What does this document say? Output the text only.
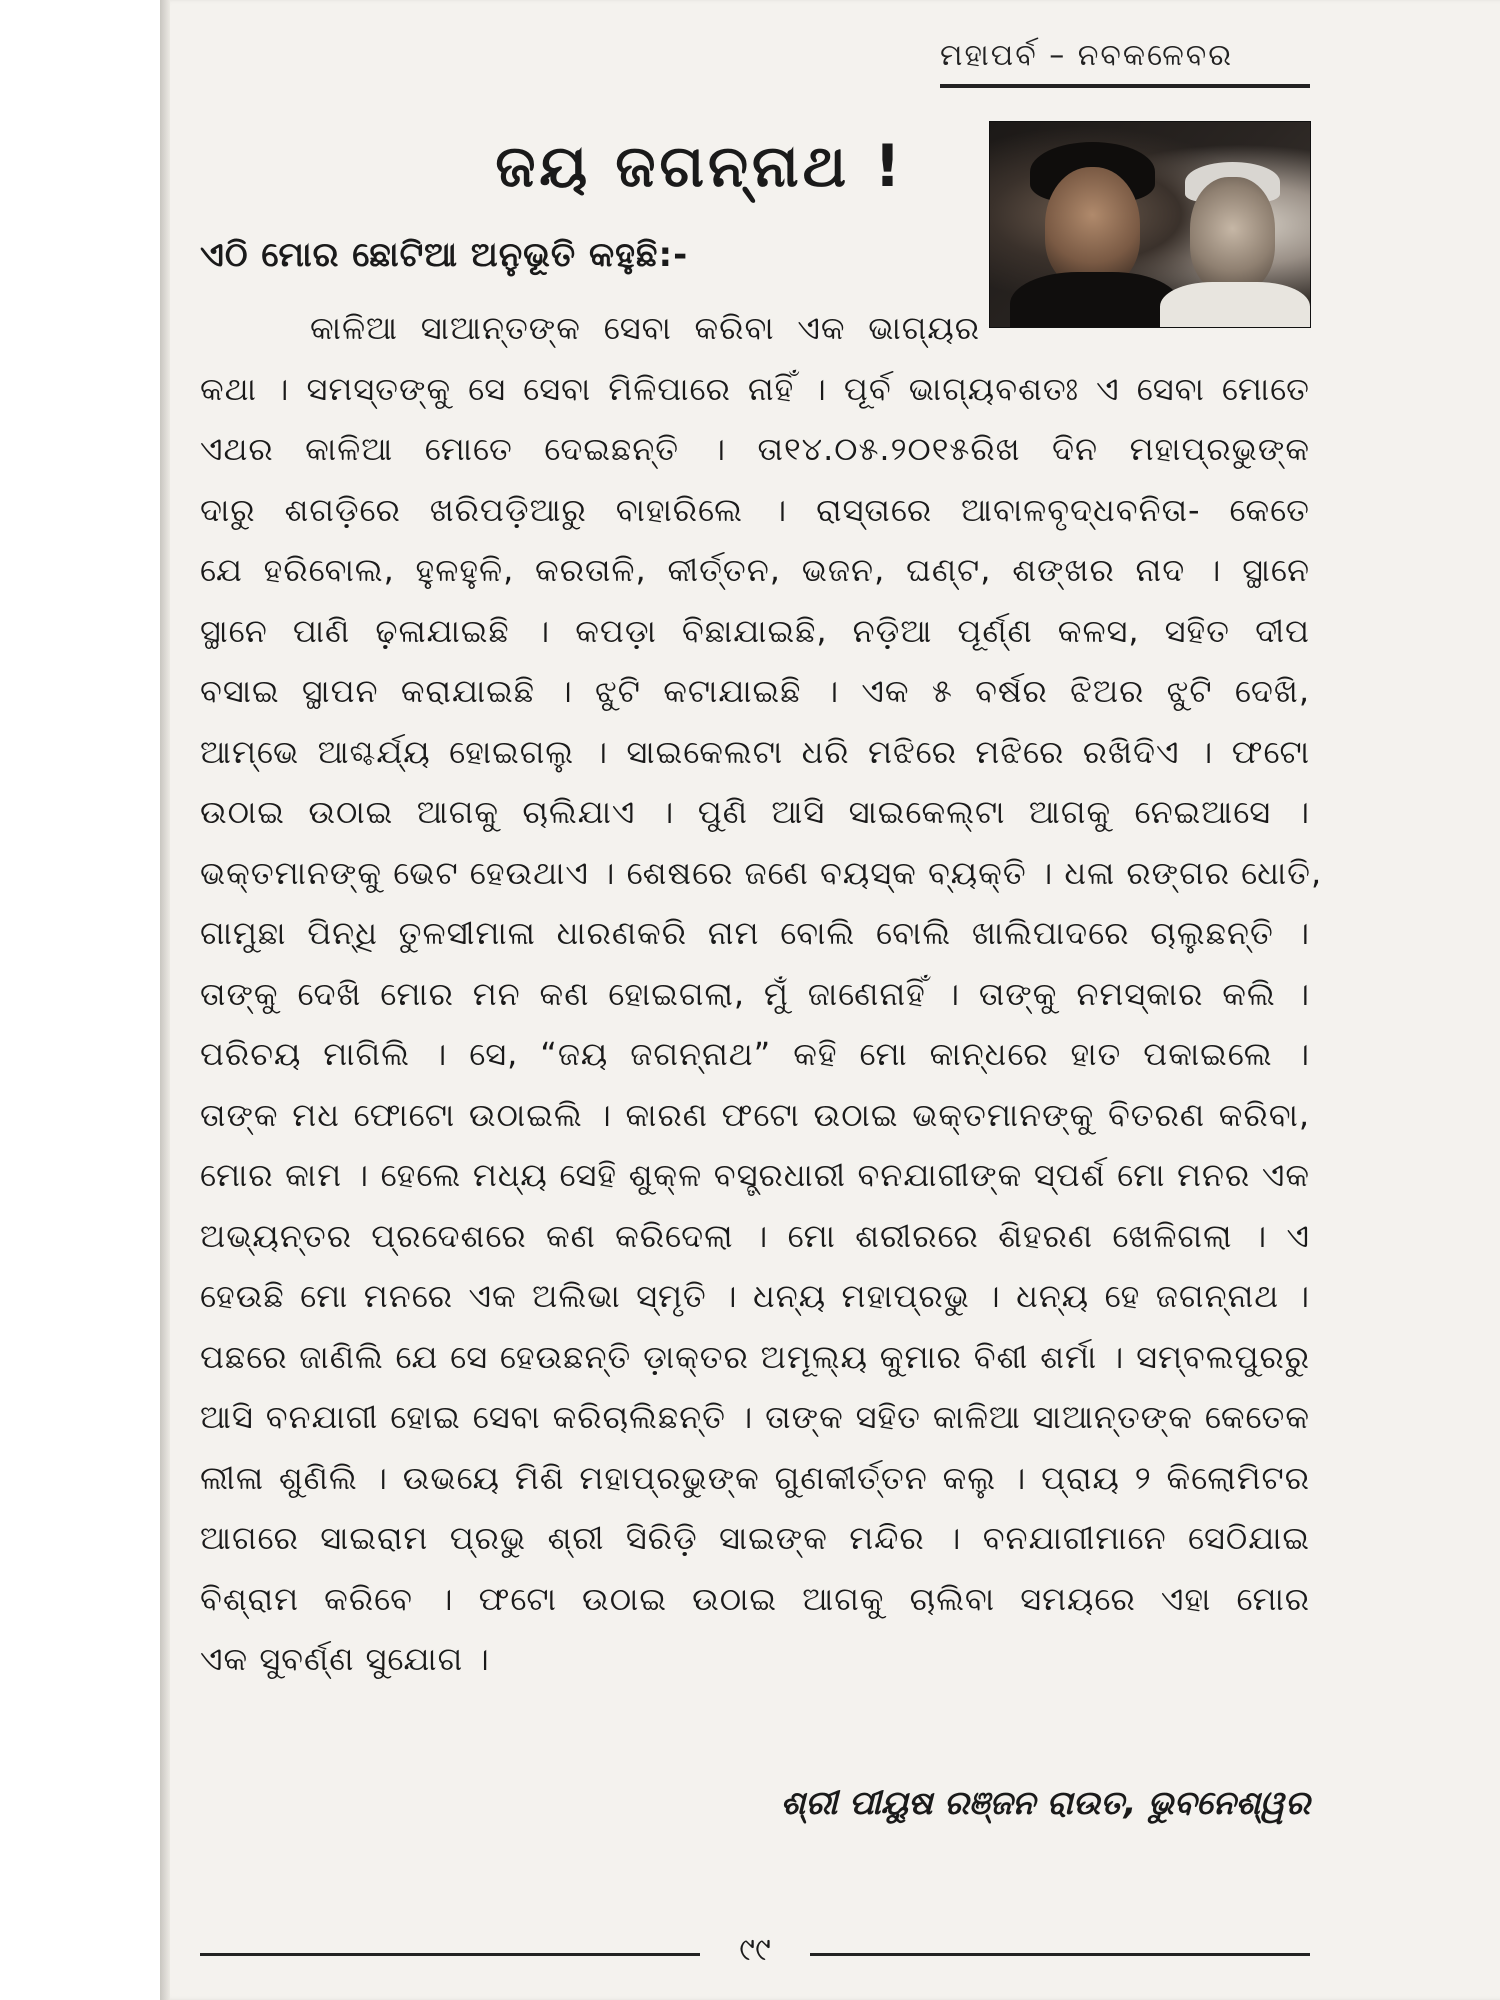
ମହାପର୍ବ – ନବକଳେବର
ଜୟ ଜଗନ୍ନାଥ !
ଏଠି ମୋର ଛୋଟିଆ ଅନୁଭୂତି କହୁଛି:-
କାଳିଆ ସାଆନ୍ତଙ୍କ ସେବା କରିବା ଏକ ଭାଗ୍ୟର
କଥା । ସମସ୍ତଙ୍କୁ ସେ ସେବା ମିଳିପାରେ ନାହିଁ । ପୂର୍ବ ଭାଗ୍ୟବଶତଃ ଏ ସେବା ମୋତେ
ଏଥର କାଳିଆ ମୋତେ ଦେଇଛନ୍ତି । ତା୧୪.୦୫.୨୦୧୫ରିଖ ଦିନ ମହାପ୍ରଭୁଙ୍କ
ଦାରୁ ଶଗଡ଼ିରେ ଖରିପଡ଼ିଆରୁ ବାହାରିଲେ । ରାସ୍ତାରେ ଆବାଳବୃଦ୍ଧବନିତା- କେତେ
ଯେ ହରିବୋଲ, ହୁଳହୁଳି, କରତାଳି, କୀର୍ତ୍ତନ, ଭଜନ, ଘଣ୍ଟ, ଶଙ୍ଖର ନାଦ । ସ୍ଥାନେ
ସ୍ଥାନେ ପାଣି ଢ଼ଳାଯାଇଛି । କପଡ଼ା ବିଛାଯାଇଛି, ନଡ଼ିଆ ପୂର୍ଣ୍ଣ କଳସ, ସହିତ ଦୀପ
ବସାଇ ସ୍ଥାପନ କରାଯାଇଛି । ଝୁଟି କଟାଯାଇଛି । ଏକ ୫ ବର୍ଷର ଝିଅର ଝୁଟି ଦେଖି,
ଆମ୍ଭେ ଆଶ୍ଚର୍ଯ୍ୟ ହୋଇଗଲୁ । ସାଇକେଲଟା ଧରି ମଝିରେ ମଝିରେ ରଖିଦିଏ । ଫଟୋ
ଉଠାଇ ଉଠାଇ ଆଗକୁ ଚାଲିଯାଏ । ପୁଣି ଆସି ସାଇକେଲ୍‌ଟା ଆଗକୁ ନେଇଆସେ ।
ଭକ୍ତମାନଙ୍କୁ ଭେଟ ହେଉଥାଏ । ଶେଷରେ ଜଣେ ବୟସ୍କ ବ୍ୟକ୍ତି । ଧଳା ରଙ୍ଗର ଧୋତି,
ଗାମୁଛା ପିନ୍ଧି ତୁଳସୀମାଳା ଧାରଣକରି ନାମ ବୋଲି ବୋଲି ଖାଲିପାଦରେ ଚାଲୁଛନ୍ତି ।
ତାଙ୍କୁ ଦେଖି ମୋର ମନ କଣ ହୋଇଗଲା, ମୁଁ ଜାଣେନାହିଁ । ତାଙ୍କୁ ନମସ୍କାର କଲି ।
ପରିଚୟ ମାଗିଲି । ସେ, “ଜୟ ଜଗନ୍ନାଥ” କହି ମୋ କାନ୍ଧରେ ହାତ ପକାଇଲେ ।
ତାଙ୍କ ମଧ ଫୋଟୋ ଉଠାଇଲି । କାରଣ ଫଟୋ ଉଠାଇ ଭକ୍ତମାନଙ୍କୁ ବିତରଣ କରିବା,
ମୋର କାମ । ହେଲେ ମଧ୍ୟ ସେହି ଶୁକ୍ଳ ବସ୍ତ୍ରଧାରୀ ବନଯାଗୀଙ୍କ ସ୍ପର୍ଶ ମୋ ମନର ଏକ
ଅଭ୍ୟନ୍ତର ପ୍ରଦେଶରେ କଣ କରିଦେଲା । ମୋ ଶରୀରରେ ଶିହରଣ ଖେଳିଗଲା । ଏ
ହେଉଛି ମୋ ମନରେ ଏକ ଅଲିଭା ସ୍ମୃତି । ଧନ୍ୟ ମହାପ୍ରଭୁ । ଧନ୍ୟ ହେ ଜଗନ୍ନାଥ ।
ପଛରେ ଜାଣିଲି ଯେ ସେ ହେଉଛନ୍ତି ଡ଼ାକ୍ତର ଅମୂଲ୍ୟ କୁମାର ବିଶୀ ଶର୍ମା । ସମ୍ବଲପୁରରୁ
ଆସି ବନଯାଗୀ ହୋଇ ସେବା କରିଚାଲିଛନ୍ତି । ତାଙ୍କ ସହିତ କାଳିଆ ସାଆନ୍ତଙ୍କ କେତେକ
ଲୀଳା ଶୁଣିଲି । ଉଭୟେ ମିଶି ମହାପ୍ରଭୁଙ୍କ ଗୁଣକୀର୍ତ୍ତନ କଲୁ । ପ୍ରାୟ ୨ କିଲୋମିଟର
ଆଗରେ ସାଇରାମ ପ୍ରଭୁ ଶ୍ରୀ ସିରିଡ଼ି ସାଇଙ୍କ ମନ୍ଦିର । ବନଯାଗୀମାନେ ସେଠିଯାଇ
ବିଶ୍ରାମ କରିବେ । ଫଟୋ ଉଠାଇ ଉଠାଇ ଆଗକୁ ଚାଲିବା ସମୟରେ ଏହା ମୋର
ଏକ ସୁବର୍ଣ୍ଣ ସୁଯୋଗ ।
ଶ୍ରୀ ପୀୟୁଷ ରଞ୍ଜନ ରାଉତ, ଭୁବନେଶ୍ୱର
୯୯
